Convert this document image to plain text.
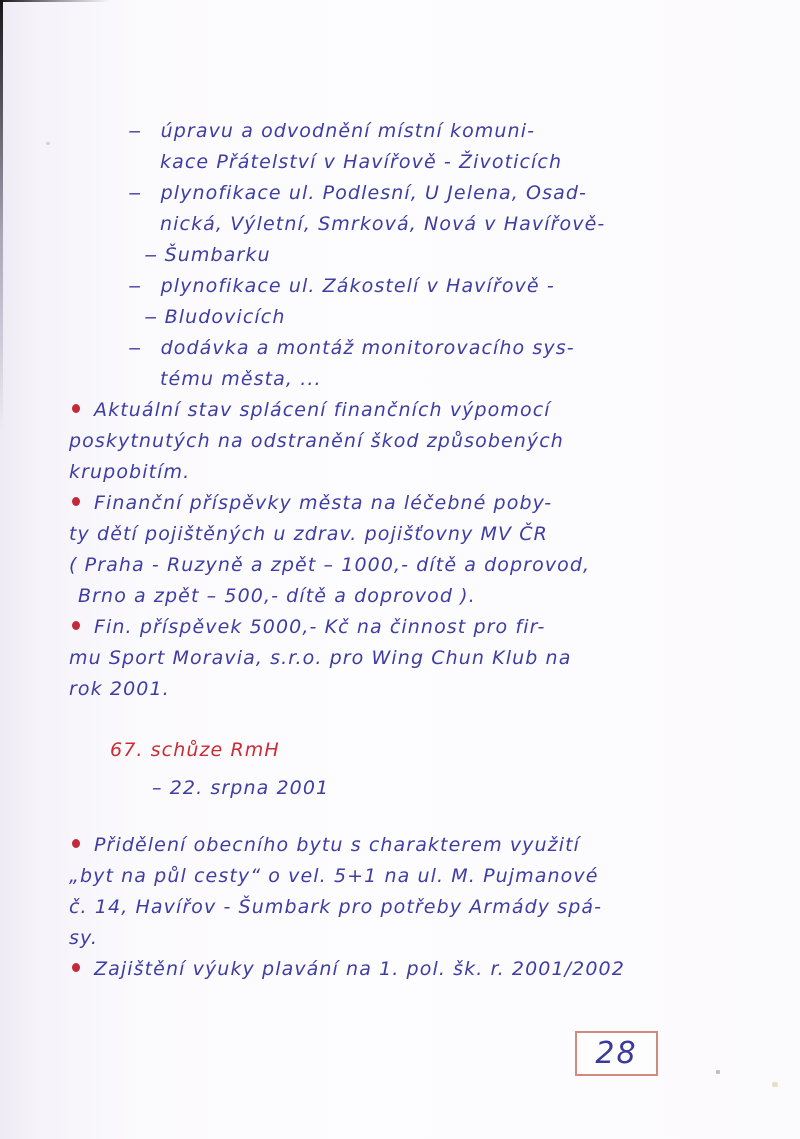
– úpravu a odvodnění místní komuni-
kace Přátelství v Havířově - Životicích
– plynofikace ul. Podlesní, U Jelena, Osad-
nická, Výletní, Smrková, Nová v Havířově-
– Šumbarku
– plynofikace ul. Zákostelí v Havířově -
– Bludovicích
– dodávka a montáž monitorovacího sys-
tému města, ...
Aktuální stav splácení finančních výpomocí
poskytnutých na odstranění škod způsobených
krupobitím.
Finanční příspěvky města na léčebné poby-
ty dětí pojištěných u zdrav. pojišťovny MV ČR
( Praha - Ruzyně a zpět – 1000,- dítě a doprovod,
Brno a zpět – 500,- dítě a doprovod ).
Fin. příspěvek 5000,- Kč na činnost pro fir-
mu Sport Moravia, s.r.o. pro Wing Chun Klub na
rok 2001.
67. schůze RmH
– 22. srpna 2001
Přidělení obecního bytu s charakterem využití
„byt na půl cesty“ o vel. 5+1 na ul. M. Pujmanové
č. 14, Havířov - Šumbark pro potřeby Armády spá-
sy.
Zajištění výuky plavání na 1. pol. šk. r. 2001/2002
28
